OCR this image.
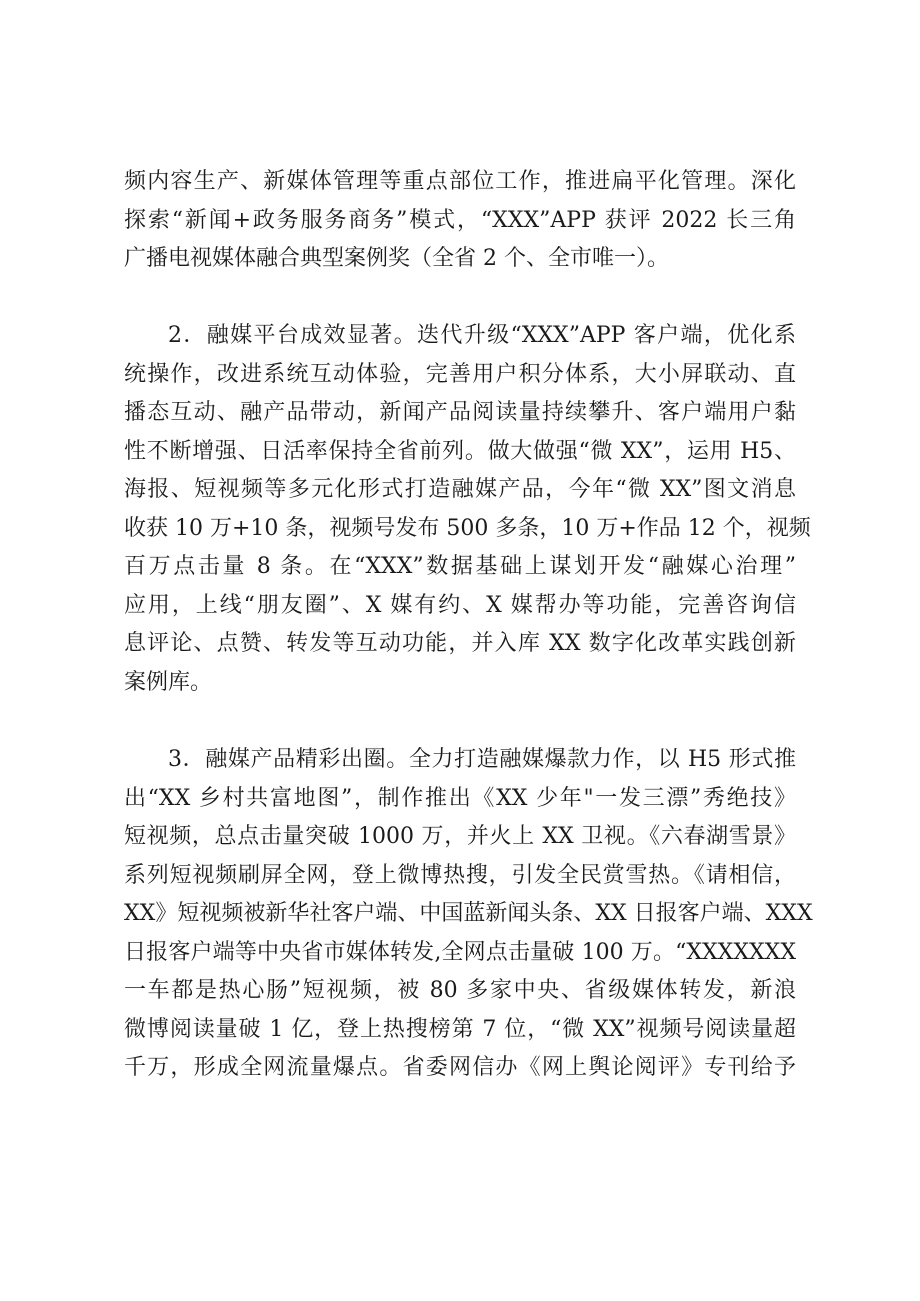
频内容生产、新媒体管理等重点部位工作，推进扁平化管理。深化
探索“新闻+政务服务商务”模式，“XXX”APP 获评 2022 长三角
广播电视媒体融合典型案例奖（全省 2 个、全市唯一）。
2．融媒平台成效显著。迭代升级“XXX”APP 客户端，优化系
统操作，改进系统互动体验，完善用户积分体系，大小屏联动、直
播态互动、融产品带动，新闻产品阅读量持续攀升、客户端用户黏
性不断增强、日活率保持全省前列。做大做强“微 XX”，运用 H5、
海报、短视频等多元化形式打造融媒产品，今年“微 XX”图文消息
收获 10 万+10 条，视频号发布 500 多条，10 万+作品 12 个，视频
百万点击量 8 条。在“XXX”数据基础上谋划开发“融媒心治理”
应用，上线“朋友圈”、X 媒有约、X 媒帮办等功能，完善咨询信
息评论、点赞、转发等互动功能，并入库 XX 数字化改革实践创新
案例库。
3．融媒产品精彩出圈。全力打造融媒爆款力作，以 H5 形式推
出“XX 乡村共富地图”，制作推出《XX 少年"一发三漂”秀绝技》
短视频，总点击量突破 1000 万，并火上 XX 卫视。《六春湖雪景》
系列短视频刷屏全网，登上微博热搜，引发全民赏雪热。《请相信，
XX》短视频被新华社客户端、中国蓝新闻头条、XX 日报客户端、XXX
日报客户端等中央省市媒体转发,全网点击量破 100 万。“XXXXXXX
一车都是热心肠”短视频，被 80 多家中央、省级媒体转发，新浪
微博阅读量破 1 亿，登上热搜榜第 7 位，“微 XX”视频号阅读量超
千万，形成全网流量爆点。省委网信办《网上舆论阅评》专刊给予
